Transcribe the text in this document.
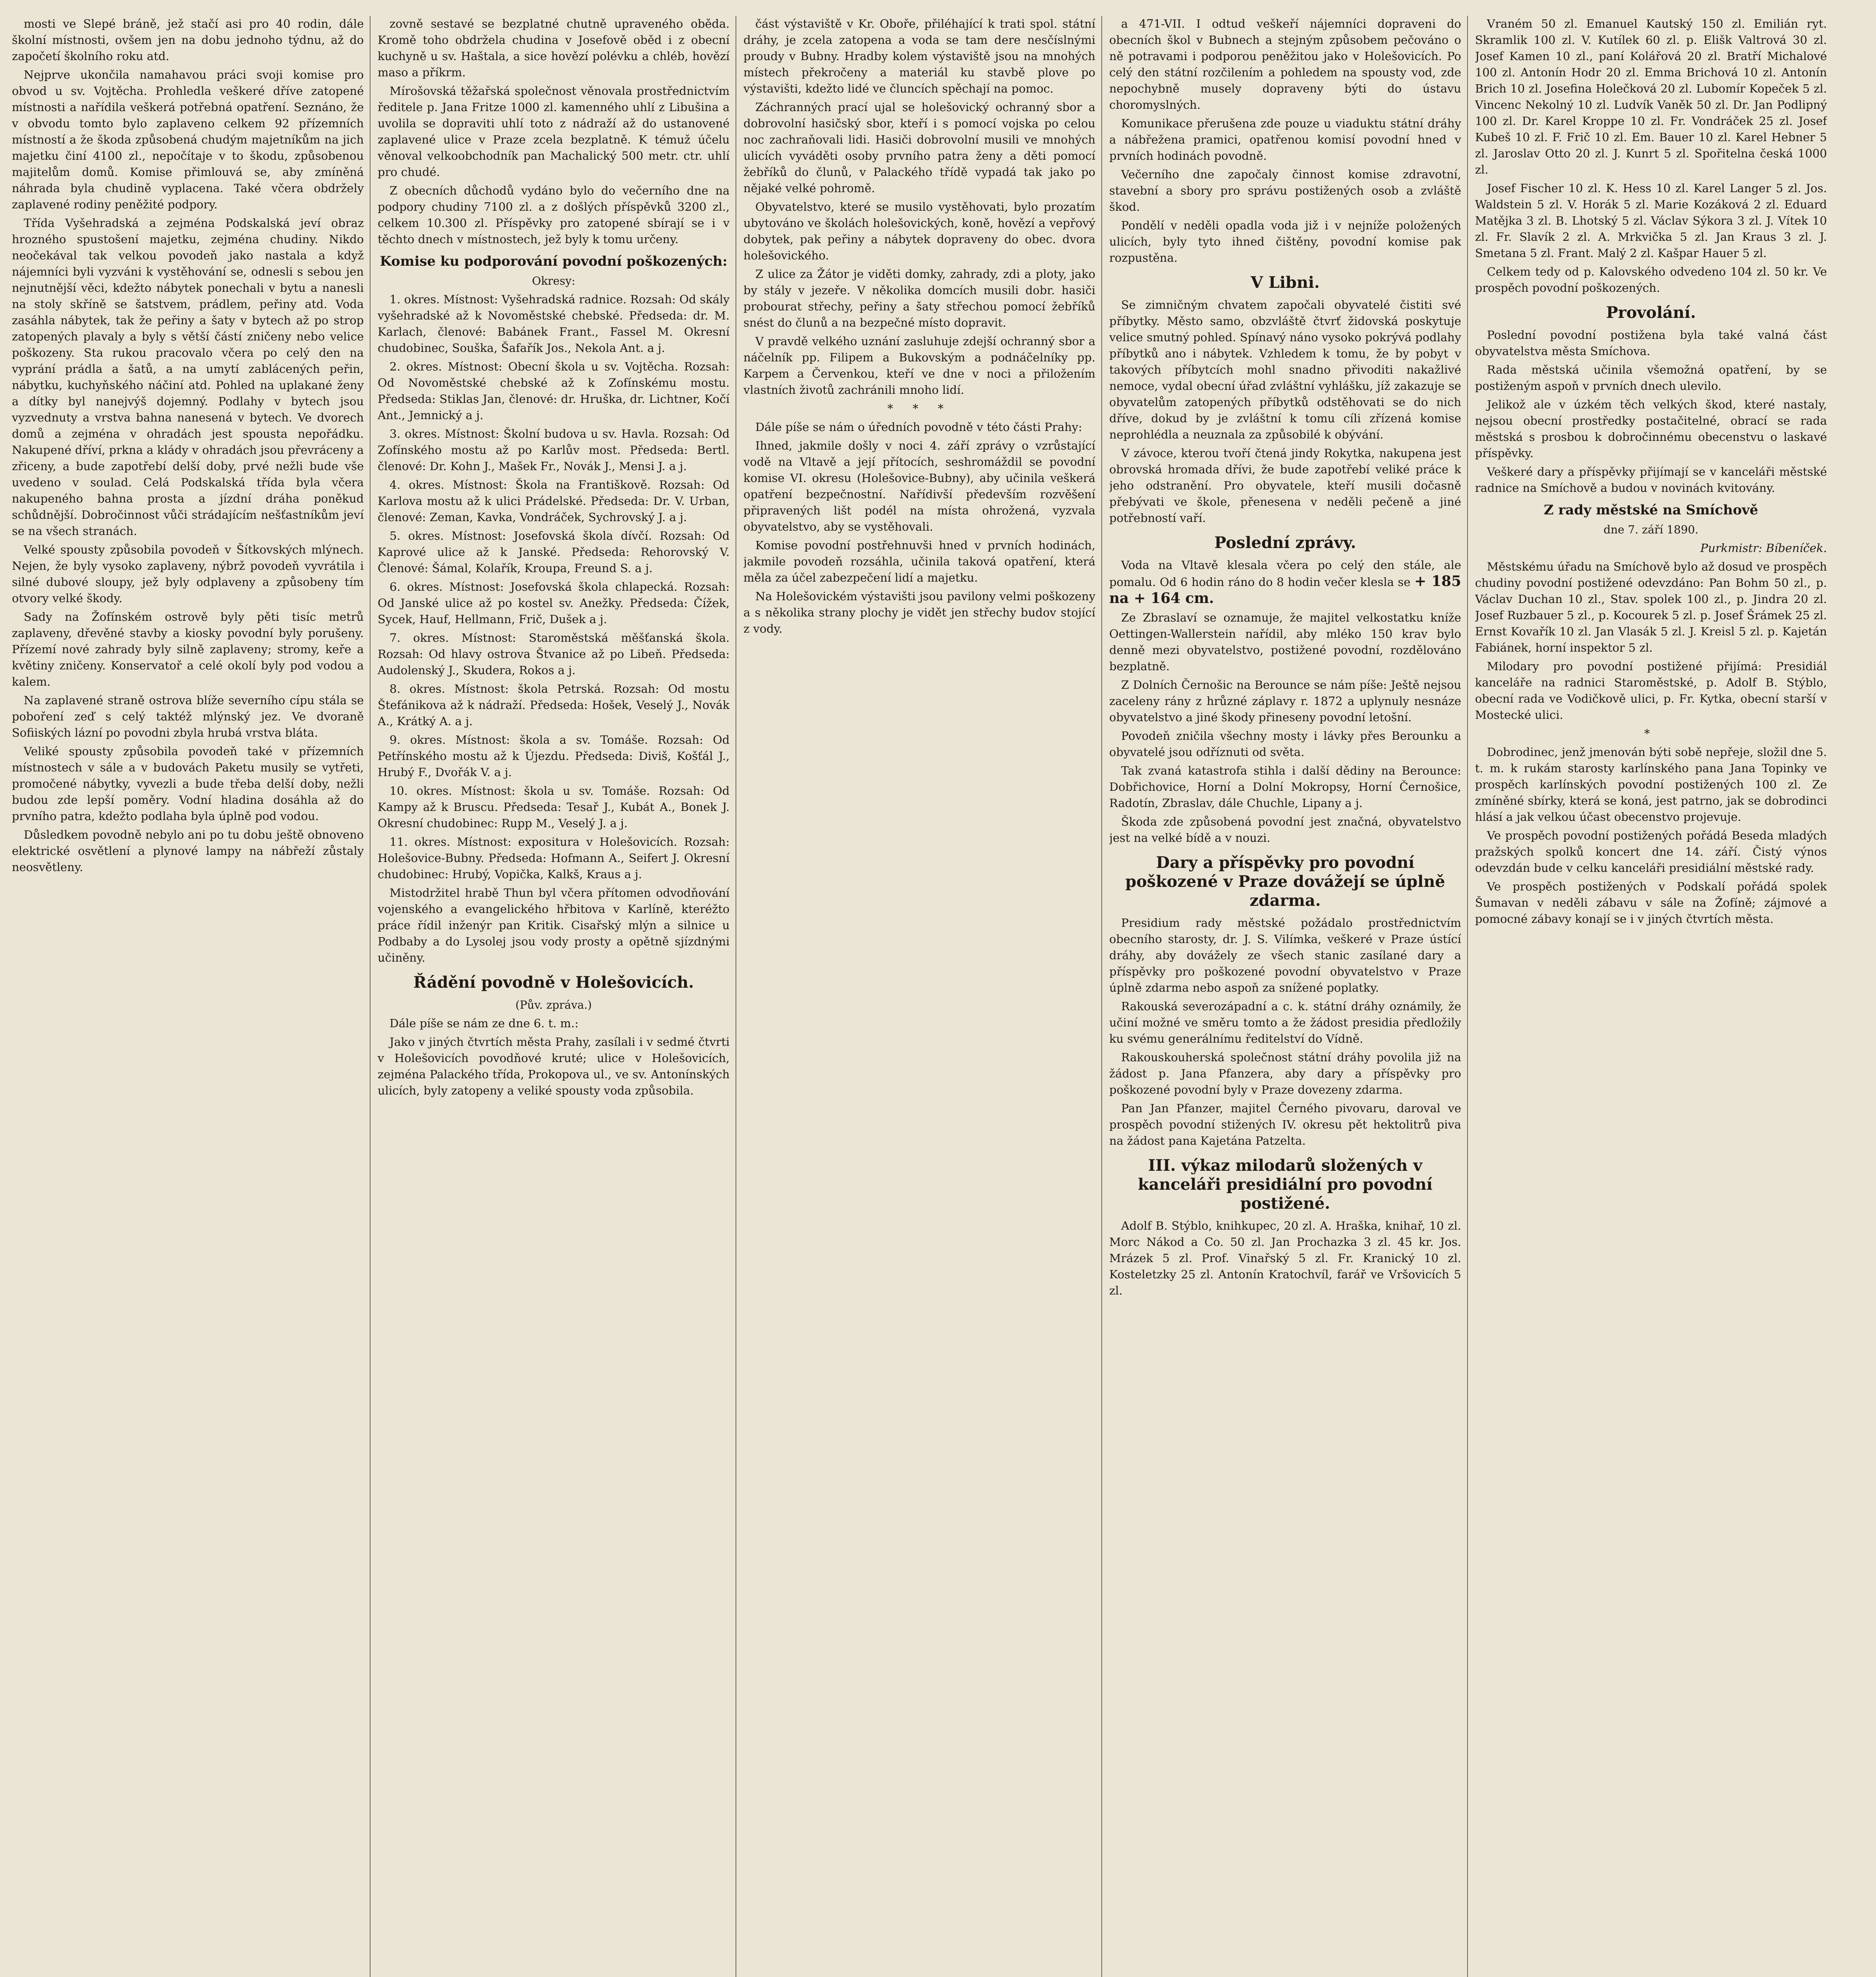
mosti ve Slepé bráně, jež stačí asi pro 40 rodin, dále školní místnosti, ovšem jen na dobu jednoho týdnu, až do započetí školního roku atd.

Nejprve ukončila namahavou práci svoji komise pro obvod u sv. Vojtěcha. Prohledla veškeré dříve zatopené místnosti a nařídila veškerá potřebná opatření. Seznáno, že v obvodu tomto bylo zaplaveno celkem 92 přízemních místností a že škoda způsobená chudým majetníkům na jich majetku činí 4100 zl., nepočítaje v to škodu, způsobenou majitelům domů. Komise přimlouvá se, aby zmíněná náhrada byla chudině vyplacena. Také včera obdržely zaplavené rodiny peněžité podpory.

Třída Vyšehradská a zejména Podskalská jeví obraz hrozného spustošení majetku, zejména chudiny. Nikdo neočekával tak velkou povodeň jako nastala a když nájemníci byli vyzváni k vystěhování se, odnesli s sebou jen nejnutnější věci, kdežto nábytek ponechali v bytu a nanesli na stoly skříně se šatstvem, prádlem, peřiny atd. Voda zasáhla nábytek, tak že peřiny a šaty v bytech až po strop zatopených plavaly a byly s větší částí zničeny nebo velice poškozeny. Sta rukou pracovalo včera po celý den na vyprání prádla a šatů, a na umytí zablácených peřin, nábytku, kuchyňského náčiní atd. Pohled na uplakané ženy a dítky byl nanejvýš dojemný. Podlahy v bytech jsou vyzvednuty a vrstva bahna nanesená v bytech. Ve dvorech domů a zejména v ohradách jest spousta nepořádku. Nakupené dříví, prkna a klády v ohradách jsou převráceny a zřiceny, a bude zapotřebí delší doby, prvé nežli bude vše uvedeno v soulad. Celá Podskalská třída byla včera nakupeného bahna prosta a jízdní dráha poněkud schůdnější. Dobročinnost vůči strádajícím nešťastníkům jeví se na všech stranách.

Velké spousty způsobila povodeň v Šítkovských mlýnech. Nejen, že byly vysoko zaplaveny, nýbrž povodeň vyvrátila i silné dubové sloupy, jež byly odplaveny a způsobeny tím otvory velké škody.

Sady na Žofínském ostrově byly pěti tisíc metrů zaplaveny, dřevěné stavby a kiosky povodní byly porušeny. Přízemí nové zahrady byly silně zaplaveny; stromy, keře a květiny zničeny. Konservatoř a celé okolí byly pod vodou a kalem.

Na zaplavené straně ostrova blíže severního cípu stála se poboření zeď s celý taktéž mlýnský jez. Ve dvoraně Sofiiských lázní po povodni zbyla hrubá vrstva bláta.

Veliké spousty způsobila povodeň také v přízemních místnostech v sále a v budovách Paketu musily se vytřeti, promočené nábytky, vyvezli a bude třeba delší doby, nežli budou zde lepší poměry. Vodní hladina dosáhla až do prvního patra, kdežto podlaha byla úplně pod vodou.

Důsledkem povodně nebylo ani po tu dobu ještě obnoveno elektrické osvětlení a plynové lampy na nábřeží zůstaly neosvětleny.

zovně sestavé se bezplatné chutně upraveného oběda. Kromě toho obdržela chudina v Josefově oběd i z obecní kuchyně u sv. Haštala, a sice hovězí polévku a chléb, hovězí maso a příkrm.

Mírošovská těžařská společnost věnovala prostřednictvím ředitele p. Jana Fritze 1000 zl. kamenného uhlí z Libušina a uvolila se dopraviti uhlí toto z nádraží až do ustanovené zaplavené ulice v Praze zcela bezplatně. K témuž účelu věnoval velkoobchodník pan Machalický 500 metr. ctr. uhlí pro chudé.

Z obecních důchodů vydáno bylo do večerního dne na podpory chudiny 7100 zl. a z došlých příspěvků 3200 zl., celkem 10.300 zl. Příspěvky pro zatopené sbírají se i v těchto dnech v místnostech, jež byly k tomu určeny.

Komise ku podporování povodní poškozených:

Okresy:

1. okres. Místnost: Vyšehradská radnice. Rozsah: Od skály vyšehradské až k Novoměstské chebské. Předseda: dr. M. Karlach, členové: Babánek Frant., Fassel M. Okresní chudobinec, Souška, Šafařík Jos., Nekola Ant. a j.

2. okres. Místnost: Obecní škola u sv. Vojtěcha. Rozsah: Od Novoměstské chebské až k Zofínskému mostu. Předseda: Stiklas Jan, členové: dr. Hruška, dr. Lichtner, Kočí Ant., Jemnický a j.

3. okres. Místnost: Školní budova u sv. Havla. Rozsah: Od Zofínského mostu až po Karlův most. Předseda: Bertl. členové: Dr. Kohn J., Mašek Fr., Novák J., Mensi J. a j.

4. okres. Místnost: Škola na Františkově. Rozsah: Od Karlova mostu až k ulici Prádelské. Předseda: Dr. V. Urban, členové: Zeman, Kavka, Vondráček, Sychrovský J. a j.

5. okres. Místnost: Josefovská škola dívčí. Rozsah: Od Kaprové ulice až k Janské. Předseda: Rehorovský V. Členové: Šámal, Kolařík, Kroupa, Freund S. a j.

6. okres. Místnost: Josefovská škola chlapecká. Rozsah: Od Janské ulice až po kostel sv. Anežky. Předseda: Čížek, Sycek, Hauf, Hellmann, Frič, Dušek a j.

7. okres. Místnost: Staroměstská měšťanská škola. Rozsah: Od hlavy ostrova Štvanice až po Libeň. Předseda: Audolenský J., Skudera, Rokos a j.

8. okres. Místnost: škola Petrská. Rozsah: Od mostu Štefánikova až k nádraží. Předseda: Hošek, Veselý J., Novák A., Krátký A. a j.

9. okres. Místnost: škola a sv. Tomáše. Rozsah: Od Petřínského mostu až k Újezdu. Předseda: Diviš, Košťál J., Hrubý F., Dvořák V. a j.

10. okres. Místnost: škola u sv. Tomáše. Rozsah: Od Kampy až k Bruscu. Předseda: Tesař J., Kubát A., Bonek J. Okresní chudobinec: Rupp M., Veselý J. a j.

11. okres. Místnost: expositura v Holešovicích. Rozsah: Holešovice-Bubny. Předseda: Hofmann A., Seifert J. Okresní chudobinec: Hrubý, Vopička, Kalkš, Kraus a j.

Mistodržitel hrabě Thun byl včera přítomen odvodňování vojenského a evangelického hřbitova v Karlíně, kteréžto práce řídil inženýr pan Kritik. Cisařský mlýn a silnice u Podbaby a do Lysolej jsou vody prosty a opětně sjízdnými učiněny.

Řádění povodně v Holešovicích.

(Pův. zpráva.)

Dále píše se nám ze dne 6. t. m.:

Jako v jiných čtvrtích města Prahy, zasílali i v sedmé čtvrti v Holešovicích povodňové kruté; ulice v Holešovicích, zejména Palackého třída, Prokopova ul., ve sv. Antonínských ulicích, byly zatopeny a veliké spousty voda způsobila.

část výstaviště v Kr. Oboře, přiléhající k trati spol. státní dráhy, je zcela zatopena a voda se tam dere nesčíslnými proudy v Bubny. Hradby kolem výstaviště jsou na mnohých místech překročeny a materiál ku stavbě plove po výstavišti, kdežto lidé ve čluncích spěchají na pomoc.

Záchranných prací ujal se holešovický ochranný sbor a dobrovolní hasičský sbor, kteří i s pomocí vojska po celou noc zachraňovali lidi. Hasiči dobrovolní musili ve mnohých ulicích vyváděti osoby prvního patra ženy a děti pomocí žebříků do člunů, v Palackého třídě vypadá tak jako po nějaké velké pohromě.

Obyvatelstvo, které se musilo vystěhovati, bylo prozatím ubytováno ve školách holešovických, koně, hovězí a vepřový dobytek, pak peřiny a nábytek dopraveny do obec. dvora holešovického.

Z ulice za Žátor je viděti domky, zahrady, zdi a ploty, jako by stály v jezeře. V několika domcích musili dobr. hasiči probourat střechy, peřiny a šaty střechou pomocí žebříků snést do člunů a na bezpečné místo dopravit.

V pravdě velkého uznání zasluhuje zdejší ochranný sbor a náčelník pp. Filipem a Bukovským a podnáčelníky pp. Karpem a Červenkou, kteří ve dne v noci a přiložením vlastních životů zachránili mnoho lidí.

* * *

Dále píše se nám o úředních povodně v této části Prahy:

Ihned, jakmile došly v noci 4. září zprávy o vzrůstající vodě na Vltavě a její přítocích, seshromáždil se povodní komise VI. okresu (Holešovice-Bubny), aby učinila veškerá opatření bezpečnostní. Nařídivší především rozvěšení připravených lišt podél na místa ohrožená, vyzvala obyvatelstvo, aby se vystěhovali.

Komise povodní postřehnuvši hned v prvních hodinách, jakmile povodeň rozsáhla, učinila taková opatření, která měla za účel zabezpečení lidí a majetku.

Na Holešovickém výstavišti jsou pavilony velmi poškozeny a s několika strany plochy je vidět jen střechy budov stojící z vody.

a 471-VII. I odtud veškeří nájemníci dopraveni do obecních škol v Bubnech a stejným způsobem pečováno o ně potravami i podporou peněžitou jako v Holešovicích. Po celý den státní rozčilením a pohledem na spousty vod, zde nepochybně musely dopraveny býti do ústavu choromyslných.

Komunikace přerušena zde pouze u viaduktu státní dráhy a nábřežena pramici, opatřenou komisí povodní hned v prvních hodinách povodně.

Večerního dne započaly činnost komise zdravotní, stavební a sbory pro správu postižených osob a zvláště škod.

Pondělí v neděli opadla voda již i v nejníže položených ulicích, byly tyto ihned čištěny, povodní komise pak rozpustěna.

V Libni.

Se zimničným chvatem započali obyvatelé čistiti své příbytky. Město samo, obzvláště čtvrť židovská poskytuje velice smutný pohled. Spínavý náno vysoko pokrývá podlahy příbytků ano i nábytek. Vzhledem k tomu, že by pobyt v takových příbytcích mohl snadno přivoditi nakažlivé nemoce, vydal obecní úřad zvláštní vyhlášku, jíž zakazuje se obyvatelům zatopených příbytků odstěhovati se do nich dříve, dokud by je zvláštní k tomu cíli zřízená komise neprohlédla a neuznala za způsobilé k obývání.

V závoce, kterou tvoří čtená jindy Rokytka, nakupena jest obrovská hromada dřívi, že bude zapotřebí veliké práce k jeho odstranění. Pro obyvatele, kteří musili dočasně přebývati ve škole, přenesena v neděli pečeně a jiné potřebností vaří.

Poslední zprávy.

Voda na Vltavě klesala včera po celý den stále, ale pomalu. Od 6 hodin ráno do 8 hodin večer klesla se + 185 na + 164 cm.

Ze Zbraslaví se oznamuje, že majitel velkostatku kníže Oettingen-Wallerstein nařídil, aby mléko 150 krav bylo denně mezi obyvatelstvo, postižené povodní, rozdělováno bezplatně.

Z Dolních Černošic na Berounce se nám píše: Ještě nejsou zaceleny rány z hrůzné záplavy r. 1872 a uplynuly nesnáze obyvatelstvo a jiné škody přineseny povodní letošní.

Povodeň zničila všechny mosty i lávky přes Berounku a obyvatelé jsou odříznuti od světa.

Tak zvaná katastrofa stihla i další dědiny na Berounce: Dobřichovice, Horní a Dolní Mokropsy, Horní Černošice, Radotín, Zbraslav, dále Chuchle, Lipany a j.

Škoda zde způsobená povodní jest značná, obyvatelstvo jest na velké bídě a v nouzi.

Dary a příspěvky pro povodní poškozené v Praze dovážejí se úplně zdarma.

Presidium rady městské požádalo prostřednictvím obecního starosty, dr. J. S. Vilímka, veškeré v Praze ústící dráhy, aby dovážely ze všech stanic zasílané dary a příspěvky pro poškozené povodní obyvatelstvo v Praze úplně zdarma nebo aspoň za snížené poplatky.

Rakouská severozápadní a c. k. státní dráhy oznámily, že učiní možné ve směru tomto a že žádost presidia předložily ku svému generálnímu ředitelství do Vídně.

Rakouskouherská společnost státní dráhy povolila již na žádost p. Jana Pfanzera, aby dary a příspěvky pro poškozené povodní byly v Praze dovezeny zdarma.

Pan Jan Pfanzer, majitel Černého pivovaru, daroval ve prospěch povodní stižených IV. okresu pět hektolitrů piva na žádost pana Kajetána Patzelta.

III. výkaz milodarů složených v kanceláři presidiální pro povodní postižené.

Adolf B. Stýblo, knihkupec, 20 zl. A. Hraška, knihař, 10 zl. Morc Nákod a Co. 50 zl. Jan Prochazka 3 zl. 45 kr. Jos. Mrázek 5 zl. Prof. Vinařský 5 zl. Fr. Kranický 10 zl. Kosteletzky 25 zl. Antonín Kratochvíl, farář ve Vršovicích 5 zl.

Vraném 50 zl. Emanuel Kautský 150 zl. Emilián ryt. Skramlik 100 zl. V. Kutílek 60 zl. p. Elišk Valtrová 30 zl. Josef Kamen 10 zl., paní Kolářová 20 zl. Bratří Michalové 100 zl. Antonín Hodr 20 zl. Emma Brichová 10 zl. Antonín Brich 10 zl. Josefina Holečková 20 zl. Lubomír Kopeček 5 zl. Vincenc Nekolný 10 zl. Ludvík Vaněk 50 zl. Dr. Jan Podlipný 100 zl. Dr. Karel Kroppe 10 zl. Fr. Vondráček 25 zl. Josef Kubeš 10 zl. F. Frič 10 zl. Em. Bauer 10 zl. Karel Hebner 5 zl. Jaroslav Otto 20 zl. J. Kunrt 5 zl. Spořitelna česká 1000 zl.

Josef Fischer 10 zl. K. Hess 10 zl. Karel Langer 5 zl. Jos. Waldstein 5 zl. V. Horák 5 zl. Marie Kozáková 2 zl. Eduard Matějka 3 zl. B. Lhotský 5 zl. Václav Sýkora 3 zl. J. Vítek 10 zl. Fr. Slavík 2 zl. A. Mrkvička 5 zl. Jan Kraus 3 zl. J. Smetana 5 zl. Frant. Malý 2 zl. Kašpar Hauer 5 zl.

Celkem tedy od p. Kalovského odvedeno 104 zl. 50 kr. Ve prospěch povodní poškozených.

Provolání.

Poslední povodní postižena byla také valná část obyvatelstva města Smíchova.

Rada městská učinila všemožná opatření, by se postiženým aspoň v prvních dnech ulevilo.

Jelikož ale v úzkém těch velkých škod, které nastaly, nejsou obecní prostředky postačitelné, obrací se rada městská s prosbou k dobročinnému obecenstvu o laskavé příspěvky.

Veškeré dary a příspěvky přijímají se v kanceláři městské radnice na Smíchově a budou v novinách kvitovány.

Z rady městské na Smíchově

dne 7. září 1890.

Purkmistr: Bíbeníček.

Městskému úřadu na Smíchově bylo až dosud ve prospěch chudiny povodní postižené odevzdáno: Pan Bohm 50 zl., p. Václav Duchan 10 zl., Stav. spolek 100 zl., p. Jindra 20 zl. Josef Ruzbauer 5 zl., p. Kocourek 5 zl. p. Josef Šrámek 25 zl. Ernst Kovařík 10 zl. Jan Vlasák 5 zl. J. Kreisl 5 zl. p. Kajetán Fabiánek, horní inspektor 5 zl.

Milodary pro povodní postižené přijímá: Presidiál kanceláře na radnici Staroměstské, p. Adolf B. Stýblo, obecní rada ve Vodičkově ulici, p. Fr. Kytka, obecní starší v Mostecké ulici.

*

Dobrodinec, jenž jmenován býti sobě nepřeje, složil dne 5. t. m. k rukám starosty karlínského pana Jana Topinky ve prospěch karlínských povodní postižených 100 zl. Ze zmíněné sbírky, která se koná, jest patrno, jak se dobrodinci hlásí a jak velkou účast obecenstvo projevuje.

Ve prospěch povodní postižených pořádá Beseda mladých pražských spolků koncert dne 14. září. Čistý výnos odevzdán bude v celku kanceláři presidiální městské rady.

Ve prospěch postižených v Podskalí pořádá spolek Šumavan v neděli zábavu v sále na Žofíně; zájmové a pomocné zábavy konají se i v jiných čtvrtích města.
